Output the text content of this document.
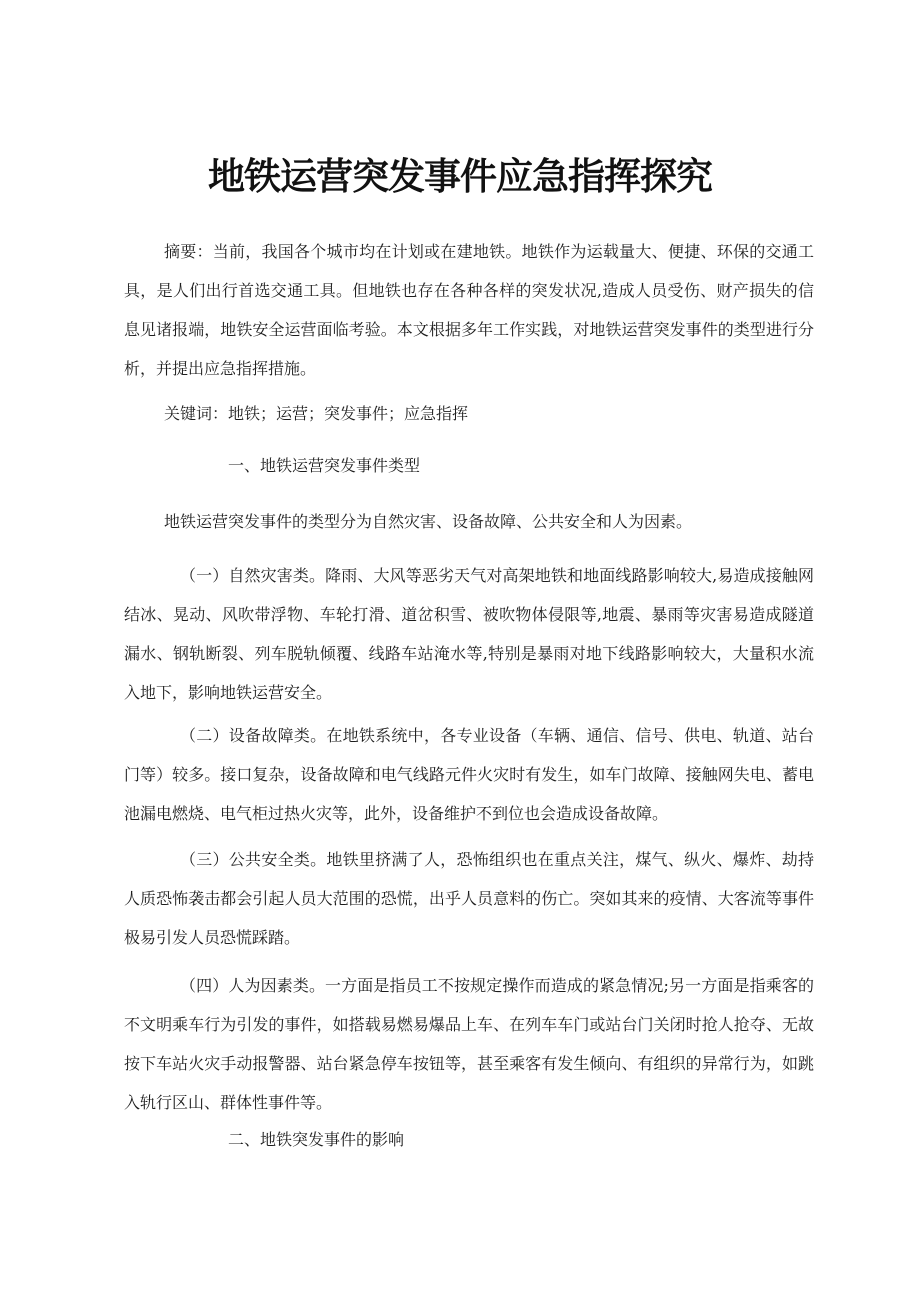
地铁运营突发事件应急指挥探究

摘要：当前，我国各个城市均在计划或在建地铁。地铁作为运载量大、便捷、环保的交通工具，是人们出行首选交通工具。但地铁也存在各种各样的突发状况,造成人员受伤、财产损失的信息见诸报端，地铁安全运营面临考验。本文根据多年工作实践，对地铁运营突发事件的类型进行分析，并提出应急指挥措施。

关键词：地铁；运营；突发事件；应急指挥

一、地铁运营突发事件类型

地铁运营突发事件的类型分为自然灾害、设备故障、公共安全和人为因素。

（一）自然灾害类。降雨、大风等恶劣天气对高架地铁和地面线路影响较大,易造成接触网结冰、晃动、风吹带浮物、车轮打滑、道岔积雪、被吹物体侵限等,地震、暴雨等灾害易造成隧道漏水、钢轨断裂、列车脱轨倾覆、线路车站淹水等,特别是暴雨对地下线路影响较大，大量积水流入地下，影响地铁运营安全。

（二）设备故障类。在地铁系统中，各专业设备（车辆、通信、信号、供电、轨道、站台门等）较多。接口复杂，设备故障和电气线路元件火灾时有发生，如车门故障、接触网失电、蓄电池漏电燃烧、电气柜过热火灾等，此外，设备维护不到位也会造成设备故障。

（三）公共安全类。地铁里挤满了人，恐怖组织也在重点关注，煤气、纵火、爆炸、劫持人质恐怖袭击都会引起人员大范围的恐慌，出乎人员意料的伤亡。突如其来的疫情、大客流等事件极易引发人员恐慌踩踏。

（四）人为因素类。一方面是指员工不按规定操作而造成的紧急情况;另一方面是指乘客的不文明乘车行为引发的事件，如搭载易燃易爆品上车、在列车车门或站台门关闭时抢人抢夺、无故按下车站火灾手动报警器、站台紧急停车按钮等，甚至乘客有发生倾向、有组织的异常行为，如跳入轨行区山、群体性事件等。

二、地铁突发事件的影响
